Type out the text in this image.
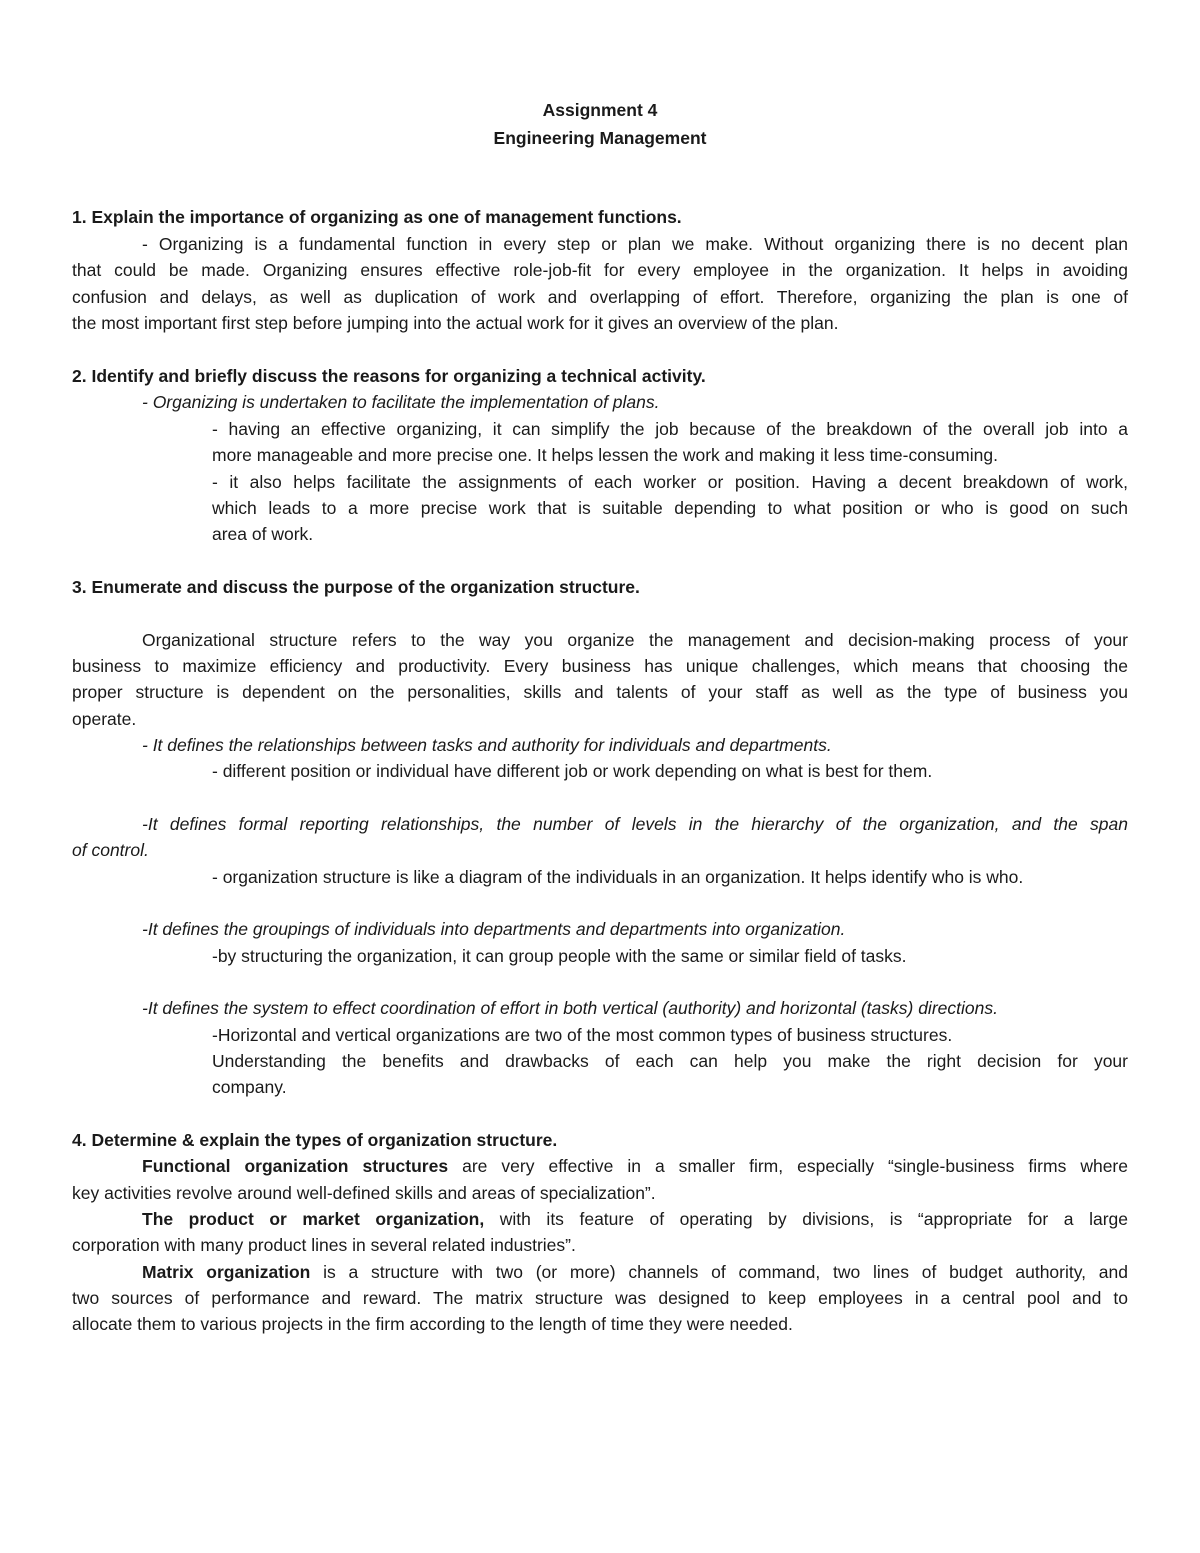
Assignment 4
Engineering Management
1. Explain the importance of organizing as one of management functions.
- Organizing is a fundamental function in every step or plan we make. Without organizing there is no decent plan
that could be made. Organizing ensures effective role-job-fit for every employee in the organization. It helps in avoiding
confusion and delays, as well as duplication of work and overlapping of effort. Therefore, organizing the plan is one of
the most important first step before jumping into the actual work for it gives an overview of the plan.
2. Identify and briefly discuss the reasons for organizing a technical activity.
- Organizing is undertaken to facilitate the implementation of plans.
- having an effective organizing, it can simplify the job because of the breakdown of the overall job into a
more manageable and more precise one. It helps lessen the work and making it less time-consuming.
- it also helps facilitate the assignments of each worker or position. Having a decent breakdown of work,
which leads to a more precise work that is suitable depending to what position or who is good on such
area of work.
3. Enumerate and discuss the purpose of the organization structure.
Organizational structure refers to the way you organize the management and decision-making process of your
business to maximize efficiency and productivity. Every business has unique challenges, which means that choosing the
proper structure is dependent on the personalities, skills and talents of your staff as well as the type of business you
operate.
- It defines the relationships between tasks and authority for individuals and departments.
- different position or individual have different job or work depending on what is best for them.
-It defines formal reporting relationships, the number of levels in the hierarchy of the organization, and the span
of control.
- organization structure is like a diagram of the individuals in an organization. It helps identify who is who.
-It defines the groupings of individuals into departments and departments into organization.
-by structuring the organization, it can group people with the same or similar field of tasks.
-It defines the system to effect coordination of effort in both vertical (authority) and horizontal (tasks) directions.
-Horizontal and vertical organizations are two of the most common types of business structures.
Understanding the benefits and drawbacks of each can help you make the right decision for your
company.
4. Determine & explain the types of organization structure.
Functional organization structures are very effective in a smaller firm, especially “single-business firms where
key activities revolve around well-defined skills and areas of specialization”.
The product or market organization, with its feature of operating by divisions, is “appropriate for a large
corporation with many product lines in several related industries”.
Matrix organization is a structure with two (or more) channels of command, two lines of budget authority, and
two sources of performance and reward. The matrix structure was designed to keep employees in a central pool and to
allocate them to various projects in the firm according to the length of time they were needed.
